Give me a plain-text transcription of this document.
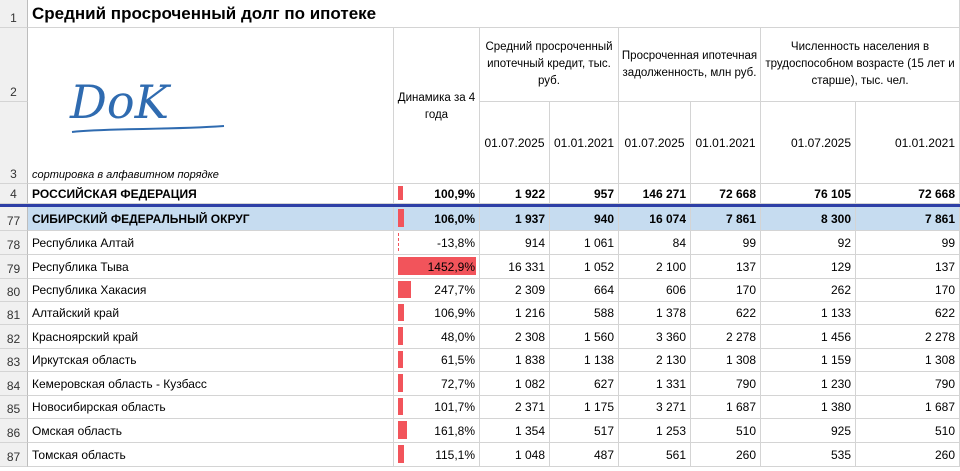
1 Средний просроченный долг по ипотеке
2
3
DoK
сортировка в алфавитном порядке
Динамика за 4 года
Средний просроченный ипотечный кредит, тыс. руб.
Просроченная ипотечная задолженность, млн руб.
Численность населения в трудоспособном возрасте (15 лет и старше), тыс. чел.
01.07.2025 01.01.2021 01.07.2025 01.01.2021	01.07.2025	01.01.2021
4	РОССИЙСКАЯ ФЕДЕРАЦИЯ	100,9%	1 922	957	146 271	72 668	76 105	72 668
77 СИБИРСКИЙ ФЕДЕРАЛЬНЫЙ ОКРУГ	106,0%	1 937	940	16 074	7 861	8 300	7 861
78 Республика Алтай	-13,8%	914	1 061	84	99	92	99
79 Республика Тыва	1452,9%	16 331	1 052	2 100	137	129	137
80 Республика Хакасия	247,7%	2 309	664	606	170	262	170
81 Алтайский край	106,9%	1 216	588	1 378	622	1 133	622
82 Красноярский край	48,0%	2 308	1 560	3 360	2 278	1 456	2 278
83 Иркутская область	61,5%	1 838	1 138	2 130	1 308	1 159	1 308
84 Кемеровская область - Кузбасс	72,7%	1 082	627	1 331	790	1 230	790
85 Новосибирская область	101,7%	2 371	1 175	3 271	1 687	1 380	1 687
86 Омская область	161,8%	1 354	517	1 253	510	925	510
87 Томская область	115,1%	1 048	487	561	260	535	260
